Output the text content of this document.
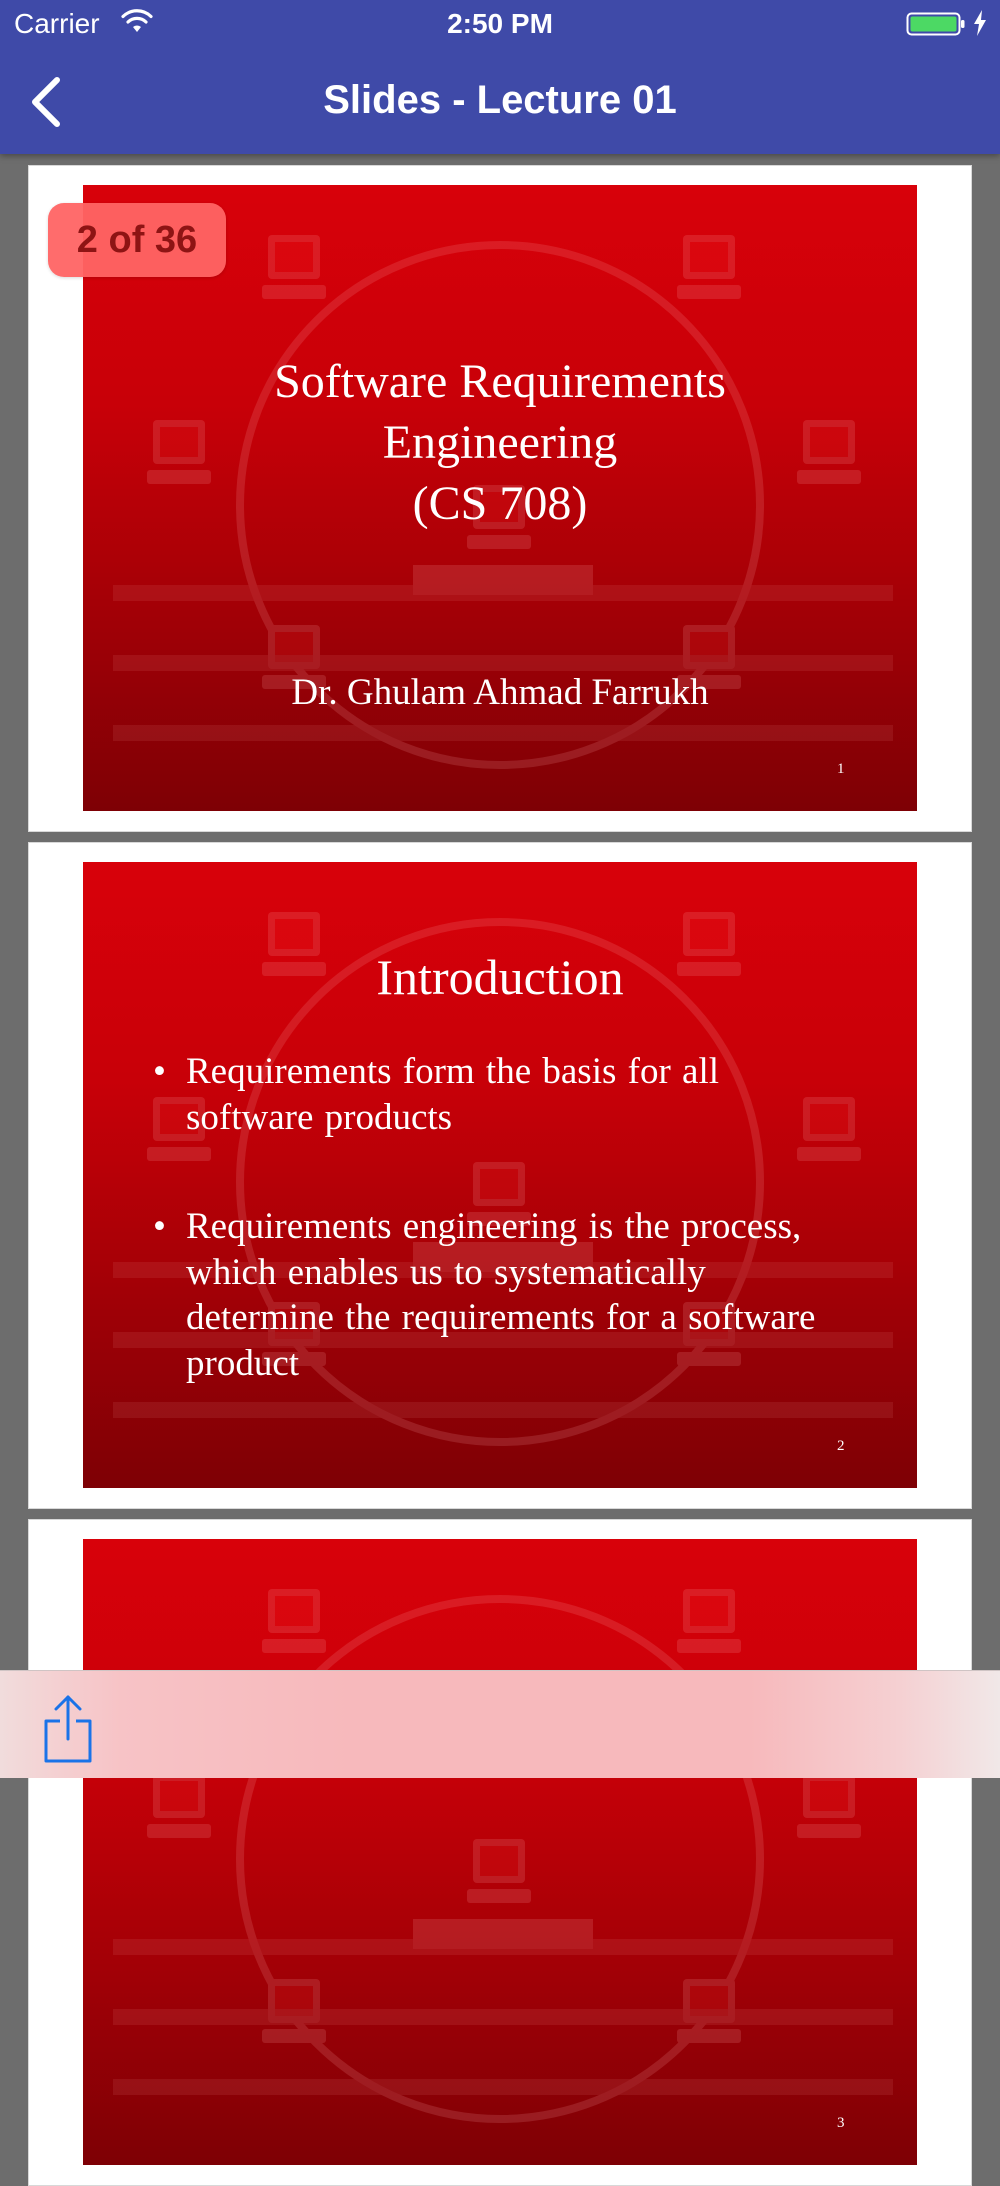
Carrier	2:50 PM
Slides - Lecture 01
Software Requirements
Engineering
(CS 708)
Dr. Ghulam Ahmad Farrukh
1
2 of 36
Introduction
• Requirements form the basis for all software products
• Requirements engineering is the process, which enables us to systematically determine the requirements for a software product
2
3
